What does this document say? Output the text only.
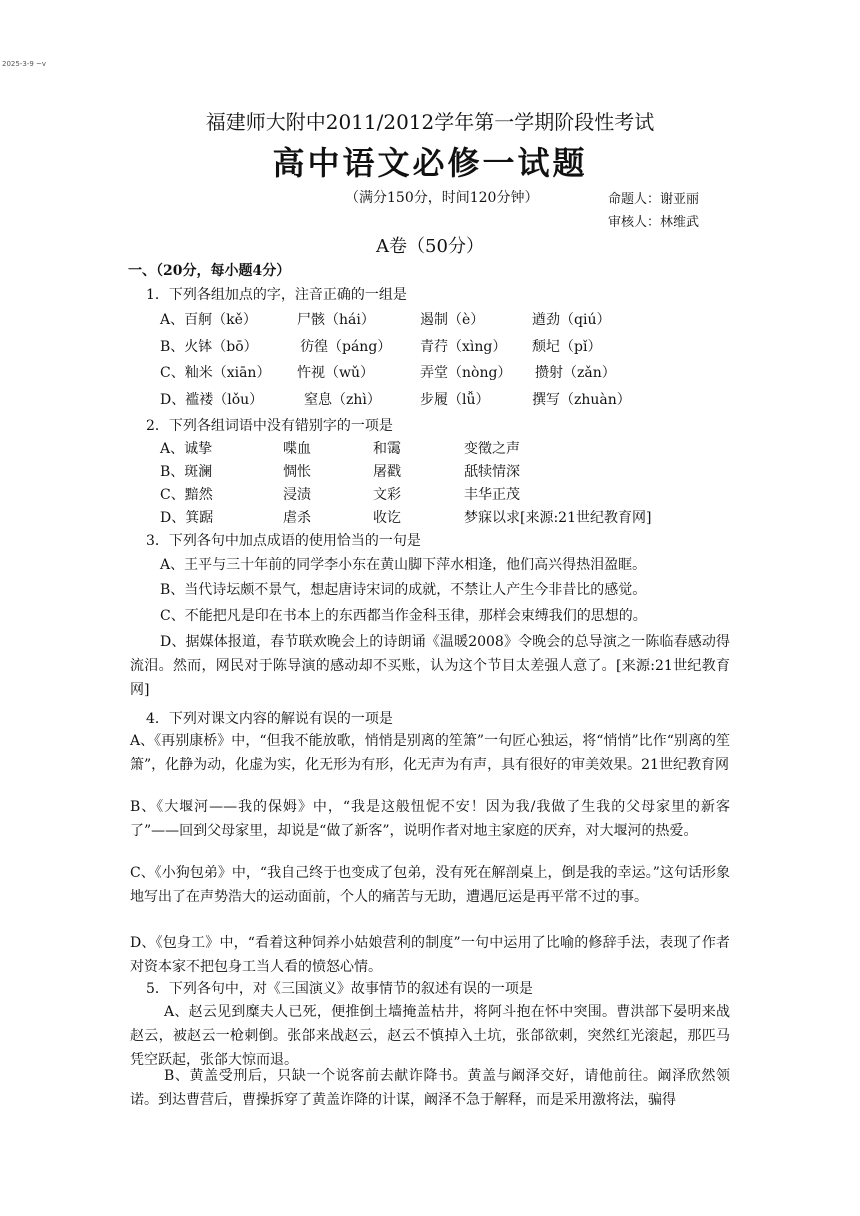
2025-3-9 ~v
福建师大附中2011/2012学年第一学期阶段性考试
高中语文必修一试题
（满分150分，时间120分钟）	命题人：谢亚丽
审核人：林维武
A卷（50分）
一、（20分，每小题4分）
1．下列各组加点的字，注音正确的一组是
A、百舸（kě）	尸骸（hái）	遏制（è）	遒劲（qiú）
B、火钵（bō）	彷徨（páng） 青荇（xìng） 颓圮（pǐ）
C、籼米（xiān） 忤视（wǔ）	弄堂（nòng） 攒射（zǎn）
D、褴褛（lǒu）	窒息（zhì）	步履（lǚ）	撰写（zhuàn）
2．下列各组词语中没有错别字的一项是
A、诚挚	喋血	和霭	变徵之声
B、斑澜	惆怅	屠戳	舐犊情深
C、黯然	浸渍	文彩	丰华正茂
D、箕踞	虐杀	收讫	梦寐以求[来源:21世纪教育网]
3．下列各句中加点成语的使用恰当的一句是
A、王平与三十年前的同学李小东在黄山脚下萍水相逢，他们高兴得热泪盈眶。
B、当代诗坛颇不景气，想起唐诗宋词的成就，不禁让人产生今非昔比的感觉。
C、不能把凡是印在书本上的东西都当作金科玉律，那样会束缚我们的思想的。
D、据媒体报道，春节联欢晚会上的诗朗诵《温暖2008》令晚会的总导演之一陈临春感动得流泪。然而，网民对于陈导演的感动却不买账，认为这个节目太差强人意了。[来源:21世纪教育网]
4．下列对课文内容的解说有误的一项是
A、《再别康桥》中，“但我不能放歌，悄悄是别离的笙箫”一句匠心独运，将“悄悄”比作“别离的笙箫”，化静为动，化虚为实，化无形为有形，化无声为有声，具有很好的审美效果。21世纪教育网
B、《大堰河——我的保姆》中，“我是这般忸怩不安！因为我/我做了生我的父母家里的新客了”——回到父母家里，却说是“做了新客”，说明作者对地主家庭的厌弃，对大堰河的热爱。
C、《小狗包弟》中，“我自己终于也变成了包弟，没有死在解剖桌上，倒是我的幸运。”这句话形象地写出了在声势浩大的运动面前，个人的痛苦与无助，遭遇厄运是再平常不过的事。
D、《包身工》中，“看着这种饲养小姑娘营利的制度”一句中运用了比喻的修辞手法，表现了作者对资本家不把包身工当人看的愤怒心情。
5．下列各句中，对《三国演义》故事情节的叙述有误的一项是
A、赵云见到糜夫人已死，便推倒土墙掩盖枯井，将阿斗抱在怀中突围。曹洪部下晏明来战赵云，被赵云一枪刺倒。张郃来战赵云，赵云不慎掉入土坑，张郃欲刺，突然红光滚起，那匹马凭空跃起，张郃大惊而退。
B、黄盖受刑后，只缺一个说客前去献诈降书。黄盖与阚泽交好，请他前往。阚泽欣然领诺。到达曹营后，曹操拆穿了黄盖诈降的计谋，阚泽不急于解释，而是采用激将法，骗得
